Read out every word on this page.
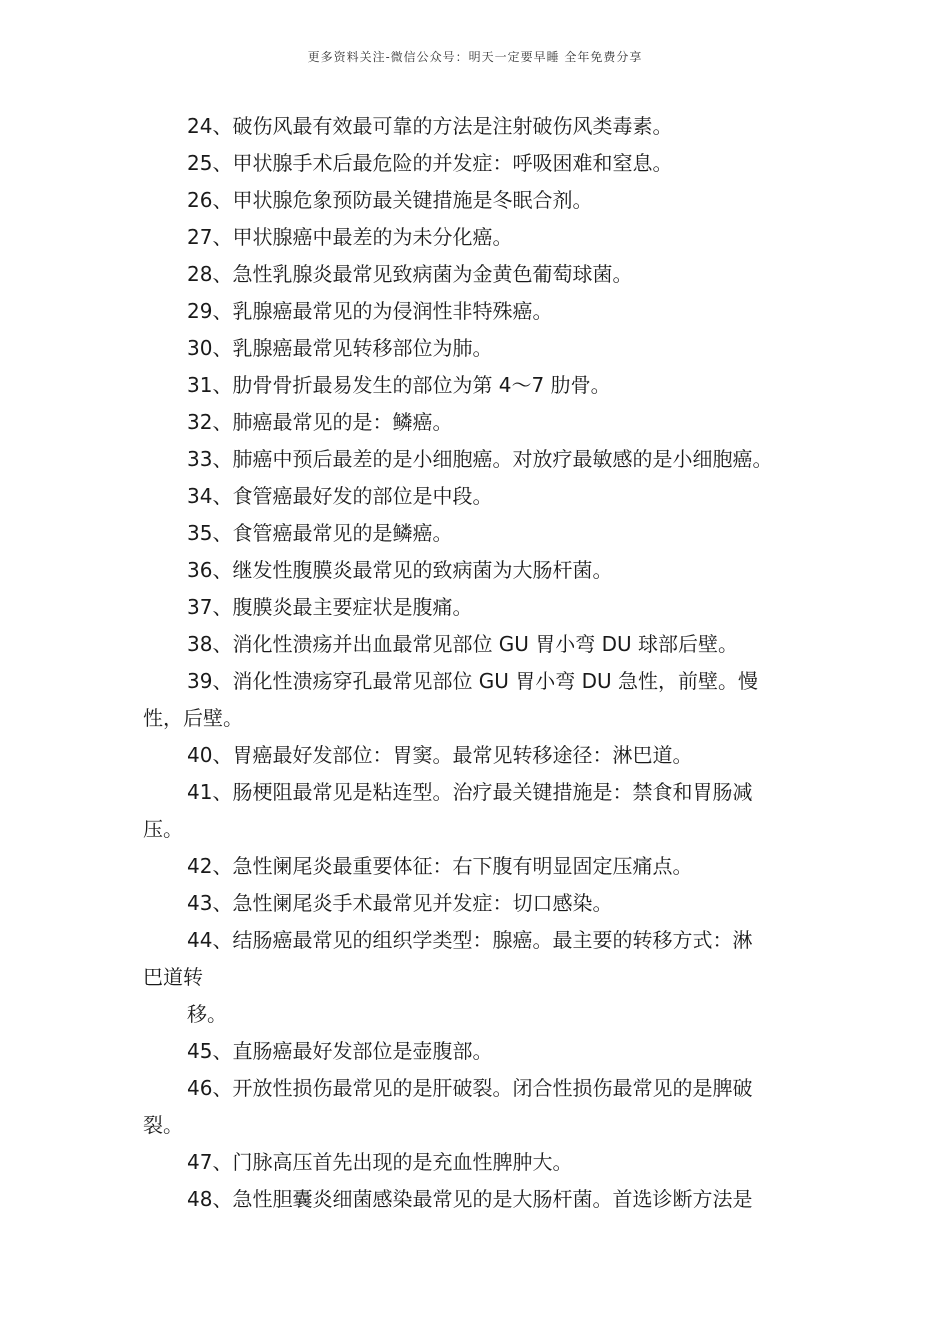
更多资料关注-微信公众号：明天一定要早睡 全年免费分享
24、破伤风最有效最可靠的方法是注射破伤风类毒素。
25、甲状腺手术后最危险的并发症：呼吸困难和窒息。
26、甲状腺危象预防最关键措施是冬眠合剂。
27、甲状腺癌中最差的为未分化癌。
28、急性乳腺炎最常见致病菌为金黄色葡萄球菌。
29、乳腺癌最常见的为侵润性非特殊癌。
30、乳腺癌最常见转移部位为肺。
31、肋骨骨折最易发生的部位为第 4～7 肋骨。
32、肺癌最常见的是：鳞癌。
33、肺癌中预后最差的是小细胞癌。对放疗最敏感的是小细胞癌。
34、食管癌最好发的部位是中段。
35、食管癌最常见的是鳞癌。
36、继发性腹膜炎最常见的致病菌为大肠杆菌。
37、腹膜炎最主要症状是腹痛。
38、消化性溃疡并出血最常见部位 GU 胃小弯 DU 球部后壁。
39、消化性溃疡穿孔最常见部位 GU 胃小弯 DU 急性，前壁。慢
性，后壁。
40、胃癌最好发部位：胃窦。最常见转移途径：淋巴道。
41、肠梗阻最常见是粘连型。治疗最关键措施是：禁食和胃肠减
压。
42、急性阑尾炎最重要体征：右下腹有明显固定压痛点。
43、急性阑尾炎手术最常见并发症：切口感染。
44、结肠癌最常见的组织学类型：腺癌。最主要的转移方式：淋
巴道转
移。
45、直肠癌最好发部位是壶腹部。
46、开放性损伤最常见的是肝破裂。闭合性损伤最常见的是脾破
裂。
47、门脉高压首先出现的是充血性脾肿大。
48、急性胆囊炎细菌感染最常见的是大肠杆菌。首选诊断方法是
